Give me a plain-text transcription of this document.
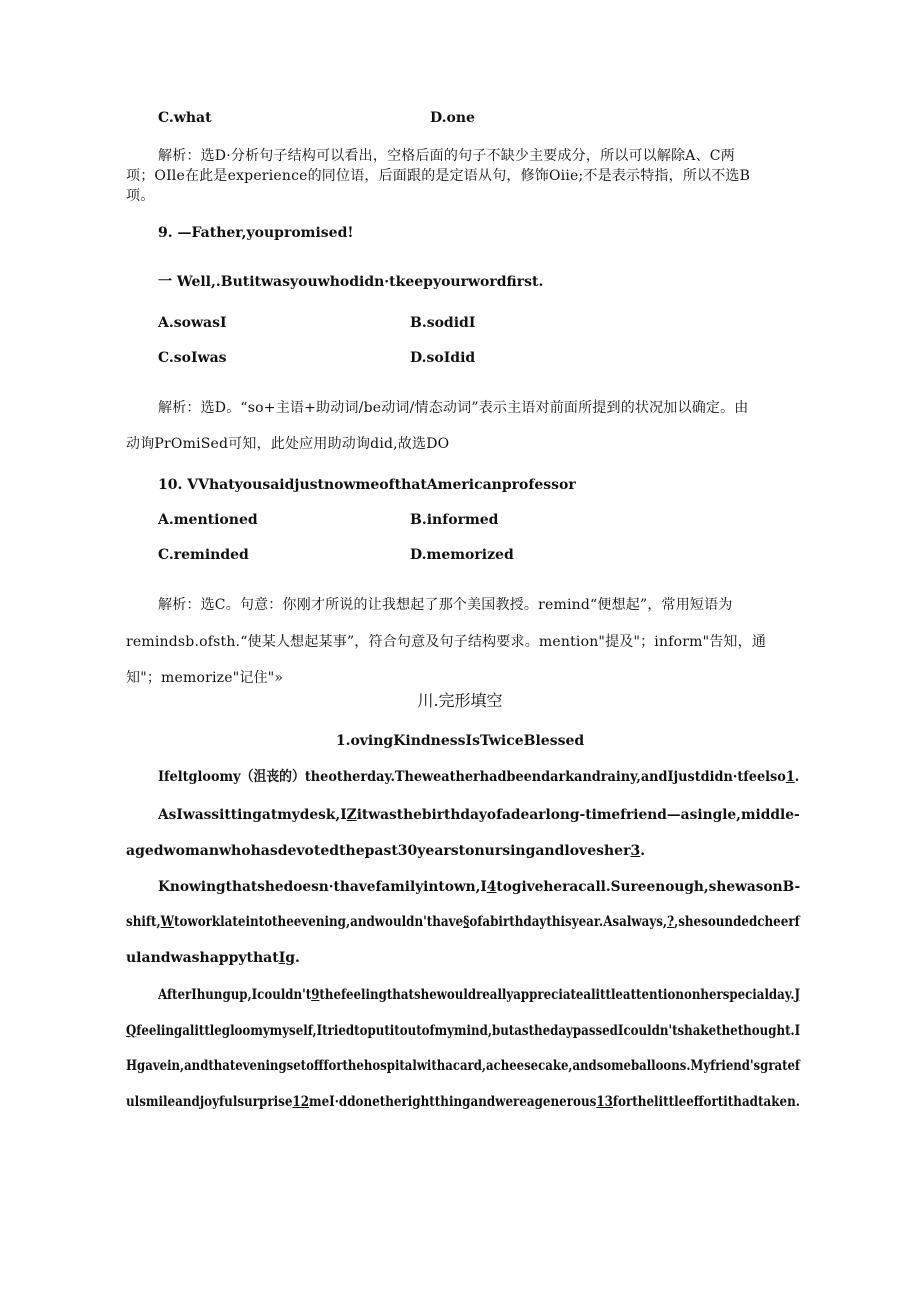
C.what	D.one
解析：选D·分析句子结构可以看出，空格后面的句子不缺少主要成分，所以可以解除A、C两
项；OIle在此是experience的同位语，后面跟的是定语从句，修饰Oiie;不是表示特指，所以不选B
项。
9. —Father,youpromised!
一 Well,.Butitwasyouwhodidn·tkeepyourwordfirst.
A.sowasI	B.sodidI
C.soIwas	D.soIdid
解析：选D。“so+主语+助动词/be动词/情态动词”表示主语对前面所提到的状况加以确定。由
动询PrOmiSed可知，此处应用助动询did,故选DO
10. VVhatyousaidjustnowmeofthatAmericanprofessor
A.mentioned	B.informed
C.reminded	D.memorized
解析：选C。句意：你刚才所说的让我想起了那个美国教授。remind“便想起”，常用短语为
remindsb.ofsth.“使某人想起某事”，符合句意及句子结构要求。mention"提及"；inform"告知，通
知"；memorize"记住"»
川.完形填空
1.ovingKindnessIsTwiceBlessed
Ifeltgloomy（沮丧的）theotherday.Theweatherhadbeendarkandrainy,andIjustdidn·tfeelso1.
AsIwassittingatmydesk,IZitwasthebirthdayofadearlong-timefriend—asingle,middle-
agedwomanwhohasdevotedthepast30yearstonursingandlovesher3.
Knowingthatshedoesn·thavefamilyintown,I4togiveheracall.Sureenough,shewasonB-
shift,Wtoworklateintotheevening,andwouldn'thave§ofabirthdaythisyear.Asalways,?,shesoundedcheerf
ulandwashappythatIg.
AfterIhungup,Icouldn't9thefeelingthatshewouldreallyappreciatealittleattentiononherspecialday.J
Qfeelingalittlegloomymyself,Itriedtoputitoutofmymind,butasthedaypassedIcouldn'tshakethethought.I
Hgavein,andthateveningsetoffforthehospitalwithacard,acheesecake,andsomeballoons.Myfriend'sgratef
ulsmileandjoyfulsurprise12meI·ddonetherightthingandwereagenerous13forthelittleeffortithadtaken.
